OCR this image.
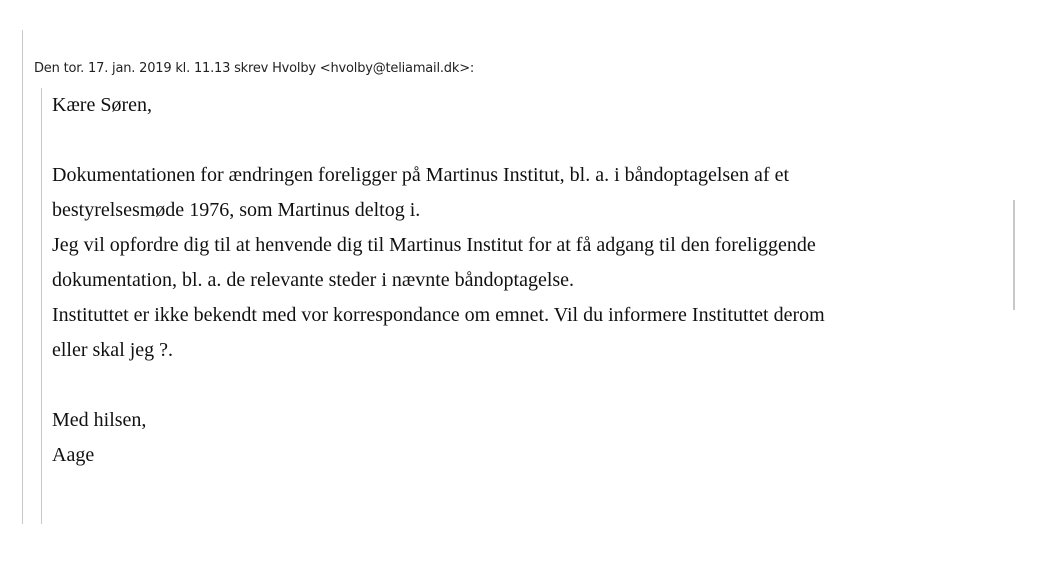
Den tor. 17. jan. 2019 kl. 11.13 skrev Hvolby <hvolby@teliamail.dk>:

Kære Søren,

Dokumentationen for ændringen foreligger på Martinus Institut, bl. a. i båndoptagelsen af et

bestyrelsesmøde 1976, som Martinus deltog i.

Jeg vil opfordre dig til at henvende dig til Martinus Institut for at få adgang til den foreliggende

dokumentation, bl. a. de relevante steder i nævnte båndoptagelse.

Instituttet er ikke bekendt med vor korrespondance om emnet. Vil du informere Instituttet derom

eller skal jeg ?.

Med hilsen,

Aage
